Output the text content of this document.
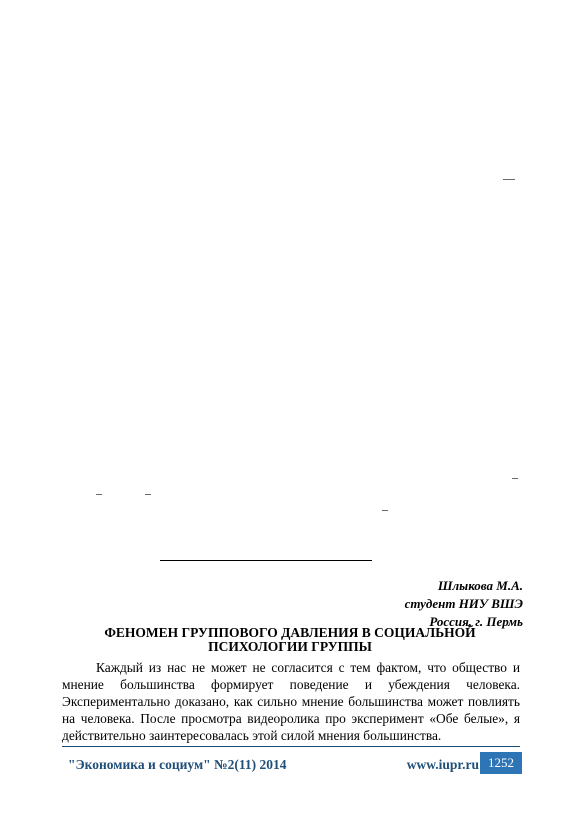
—
–
–	–
–
Шлыкова М.А.
студент НИУ ВШЭ
Россия, г. Пермь
ФЕНОМЕН ГРУППОВОГО ДАВЛЕНИЯ В СОЦИАЛЬНОЙ
ПСИХОЛОГИИ ГРУППЫ
Каждый из нас не может не согласится с тем фактом, что общество и мнение большинства формирует поведение и убеждения человека. Экспериментально доказано, как сильно мнение большинства может повлиять на человека. После просмотра видеоролика про эксперимент «Обе белые», я действительно заинтересовалась этой силой мнения большинства.
"Экономика и социум" №2(11) 2014	www.iupr.ru 1252
